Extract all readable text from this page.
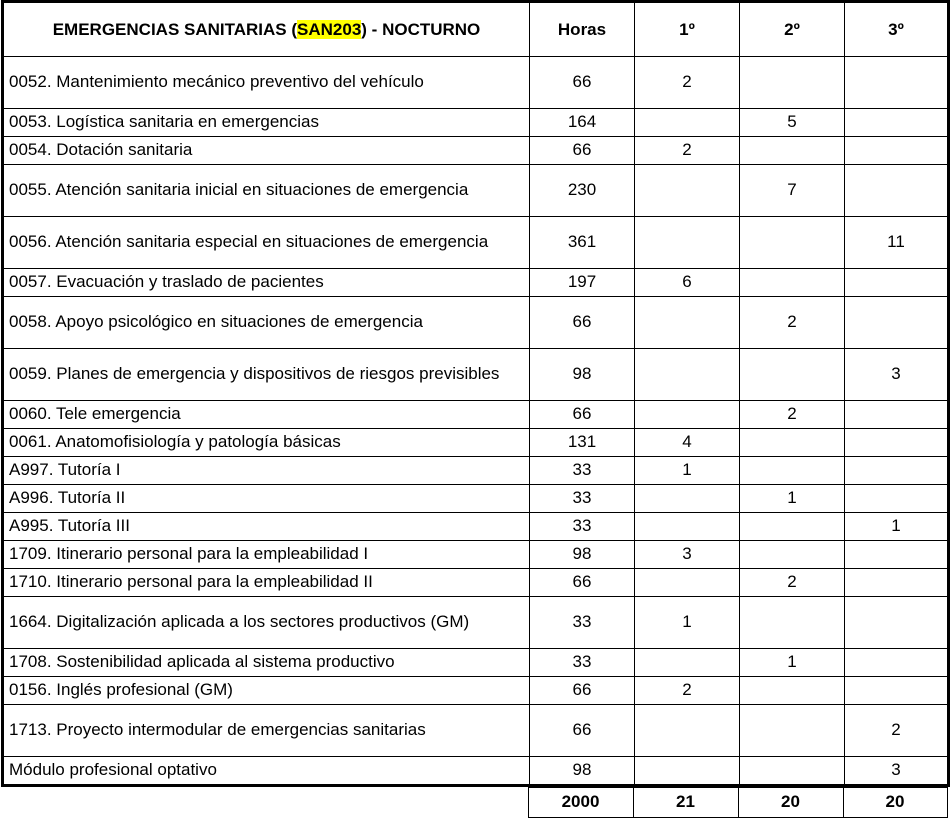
EMERGENCIAS SANITARIAS (SAN203) - NOCTURNO	Horas	1º	2º	3º
0052. Mantenimiento mecánico preventivo del vehículo	66	2		
0053. Logística sanitaria en emergencias	164		5	
0054. Dotación sanitaria	66	2		
0055. Atención sanitaria inicial en situaciones de emergencia	230		7	
0056. Atención sanitaria especial en situaciones de emergencia	361			11
0057. Evacuación y traslado de pacientes	197	6		
0058. Apoyo psicológico en situaciones de emergencia	66		2	
0059. Planes de emergencia y dispositivos de riesgos previsibles	98			3
0060. Tele emergencia	66		2	
0061. Anatomofisiología y patología básicas	131	4		
A997. Tutoría I	33	1		
A996. Tutoría II	33		1	
A995. Tutoría III	33			1
1709. Itinerario personal para la empleabilidad I	98	3		
1710. Itinerario personal para la empleabilidad II	66		2	
1664. Digitalización aplicada a los sectores productivos (GM)	33	1		
1708. Sostenibilidad aplicada al sistema productivo	33		1	
0156. Inglés profesional (GM)	66	2		
1713. Proyecto intermodular de emergencias sanitarias	66			2
Módulo profesional optativo	98			3
	2000	21	20	20
